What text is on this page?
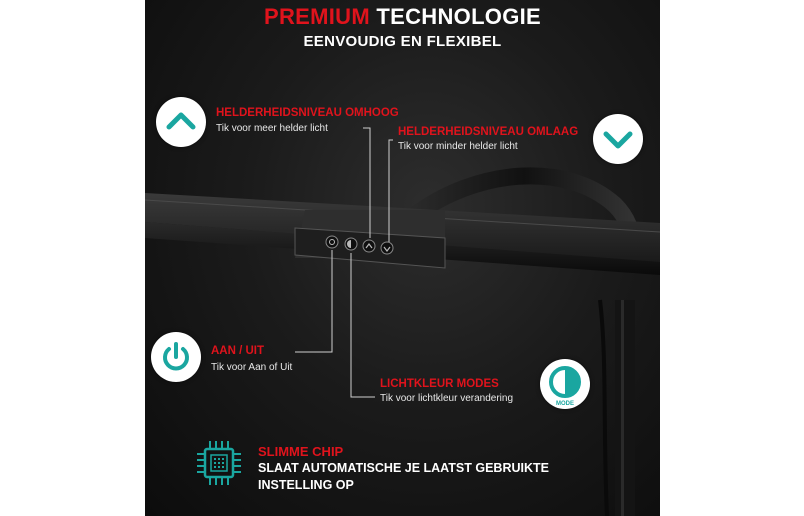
PREMIUM TECHNOLOGIE
EENVOUDIG EN FLEXIBEL
HELDERHEIDSNIVEAU OMHOOG
Tik voor meer helder licht	HELDERHEIDSNIVEAU OMLAAG
Tik voor minder helder licht
AAN / UIT
Tik voor Aan of Uit
MODE
LICHTKLEUR MODES
Tik voor lichtkleur verandering
SLIMME CHIP
SLAAT AUTOMATISCHE JE LAATST GEBRUIKTE
INSTELLING OP
